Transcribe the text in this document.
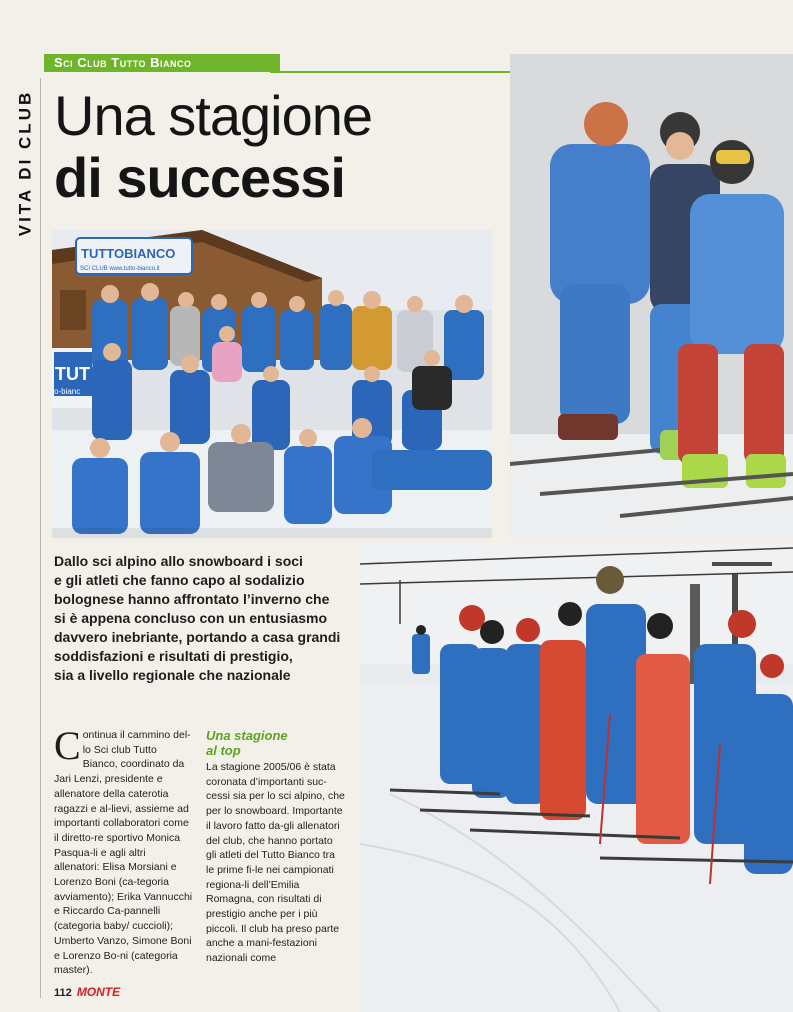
Sci Club Tutto Bianco
VITA DI CLUB Una stagione
di successi
TUT
o-bianc
TUTTOBIANCO
SCI CLUB www.tutto-bianco.it

Dallo sci alpino allo snowboard i soci

e gli atleti che fanno capo al sodalizio

bolognese hanno affrontato l’inverno che

si è appena concluso con un entusiasmo

davvero inebriante, portando a casa grandi

soddisfazioni e risultati di prestigio,

sia a livello regionale che nazionale

C ontinua il cammino del-lo Sci club Tutto Bianco, coordinato da Jari Lenzi, presidente e allenatore della caterotia ragazzi e al-lievi, assieme ad importanti collaboratori come il diretto-re sportivo Monica Pasqua-li e agli altri allenatori: Elisa Morsiani e Lorenzo Boni (ca-tegoria avviamento); Erika Vannucchi e Riccardo Ca-pannelli (categoria baby/ cuccioli); Umberto Vanzo, Simone Boni e Lorenzo Bo-ni (categoria master).

Una stagione
al top

La stagione 2005/06 è stata coronata d’importanti suc-cessi sia per lo sci alpino, che per lo snowboard. Importante il lavoro fatto da-gli allenatori del club, che hanno portato gli atleti del Tutto Bianco tra le prime fi-le nei campionati regiona-li dell’Emilia Romagna, con risultati di prestigio anche per i più piccoli. Il club ha preso parte anche a mani-festazioni nazionali come

112 MONTE
